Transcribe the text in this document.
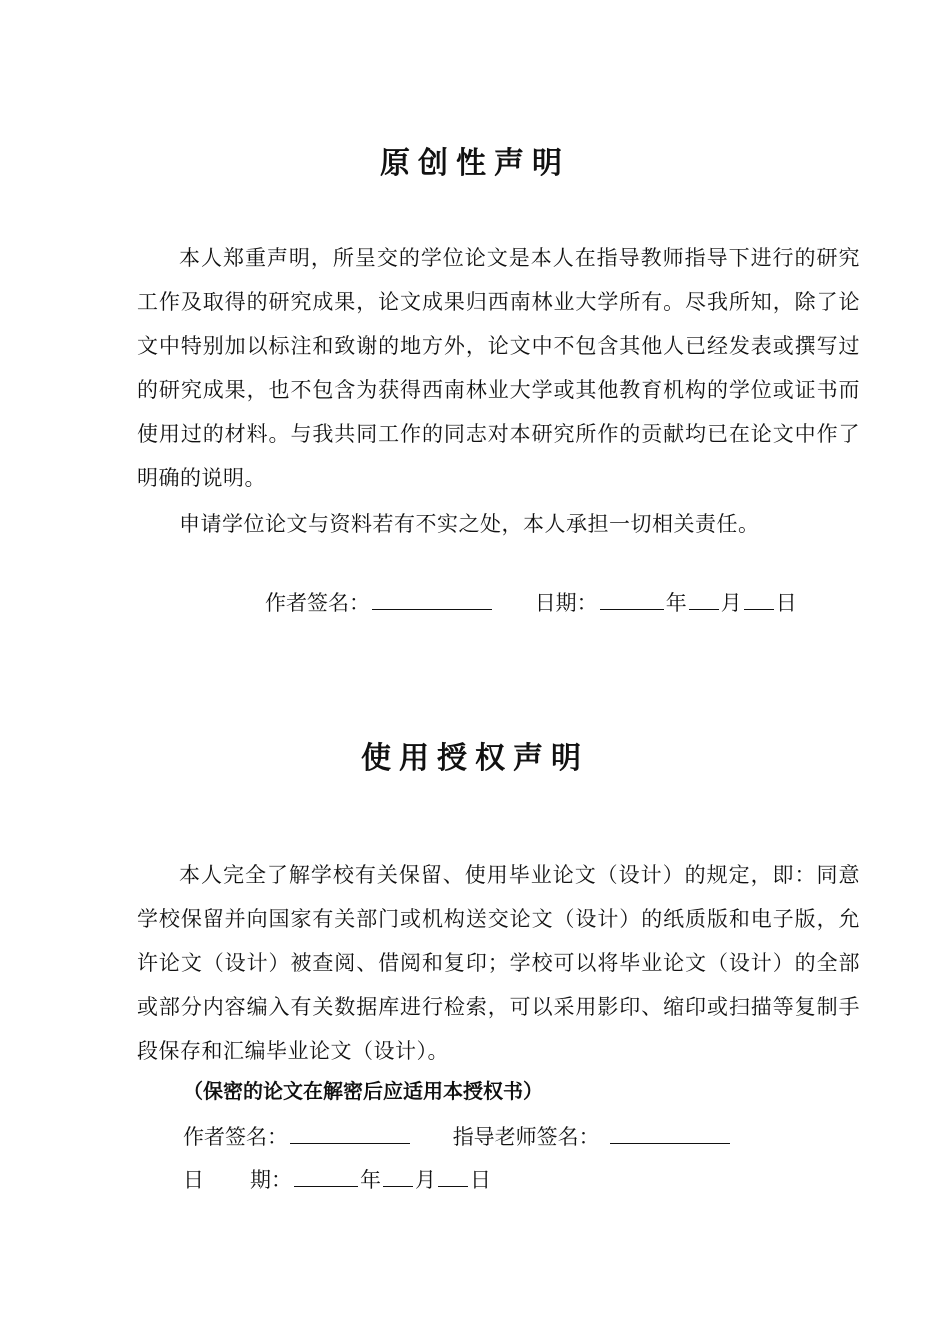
原创性声明

本人郑重声明，所呈交的学位论文是本人在指导教师指导下进行的研究工作及取得的研究成果，论文成果归西南林业大学所有。尽我所知，除了论文中特别加以标注和致谢的地方外，论文中不包含其他人已经发表或撰写过的研究成果，也不包含为获得西南林业大学或其他教育机构的学位或证书而使用过的材料。与我共同工作的同志对本研究所作的贡献均已在论文中作了明确的说明。

申请学位论文与资料若有不实之处，本人承担一切相关责任。

作者签名：	日期：	年 月 日
使用授权声明

本人完全了解学校有关保留、使用毕业论文（设计）的规定，即：同意学校保留并向国家有关部门或机构送交论文（设计）的纸质版和电子版，允许论文（设计）被查阅、借阅和复印；学校可以将毕业论文（设计）的全部或部分内容编入有关数据库进行检索，可以采用影印、缩印或扫描等复制手段保存和汇编毕业论文（设计）。

（保密的论文在解密后应适用本授权书）
作者签名：	指导老师签名：
日 期：	年 月 日
